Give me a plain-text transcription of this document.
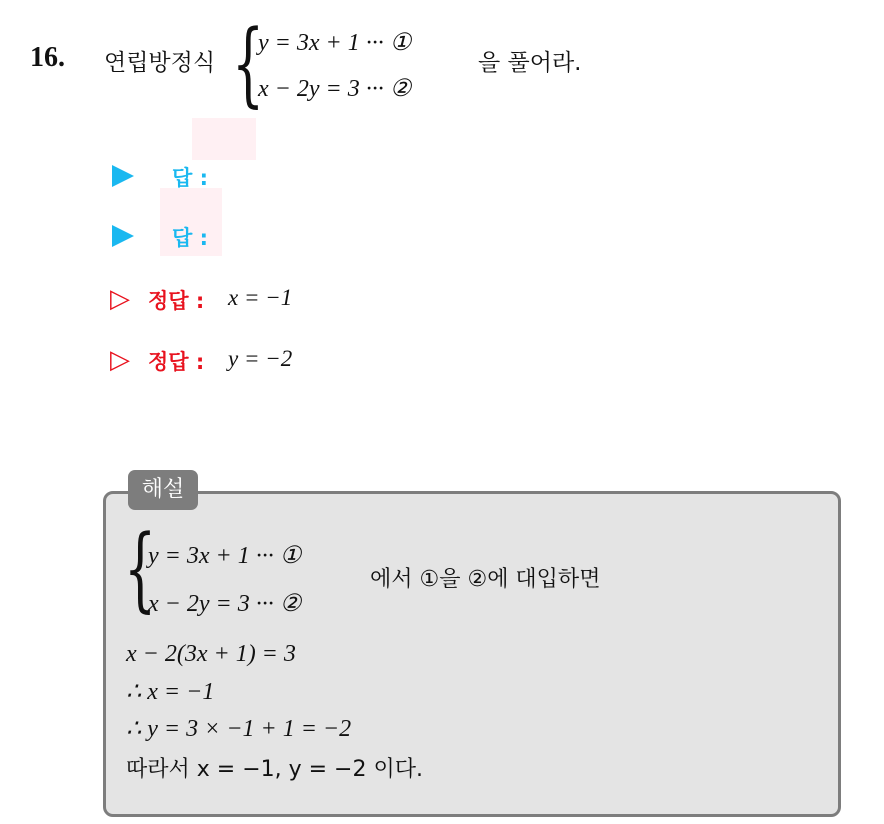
16. 연립방정식 {
y = 3x + 1 ··· ①
x − 2y = 3 ··· ②
을 풀어라.
답 :
답 :
▷ 정답 : x = −1
▷ 정답 : y = −2
해설
{
y = 3x + 1 ··· ①
x − 2y = 3 ··· ②
에서 ①을 ②에 대입하면
x − 2(3x + 1) = 3
∴ x = −1
∴ y = 3 × −1 + 1 = −2
따라서 x = −1, y = −2 이다.
